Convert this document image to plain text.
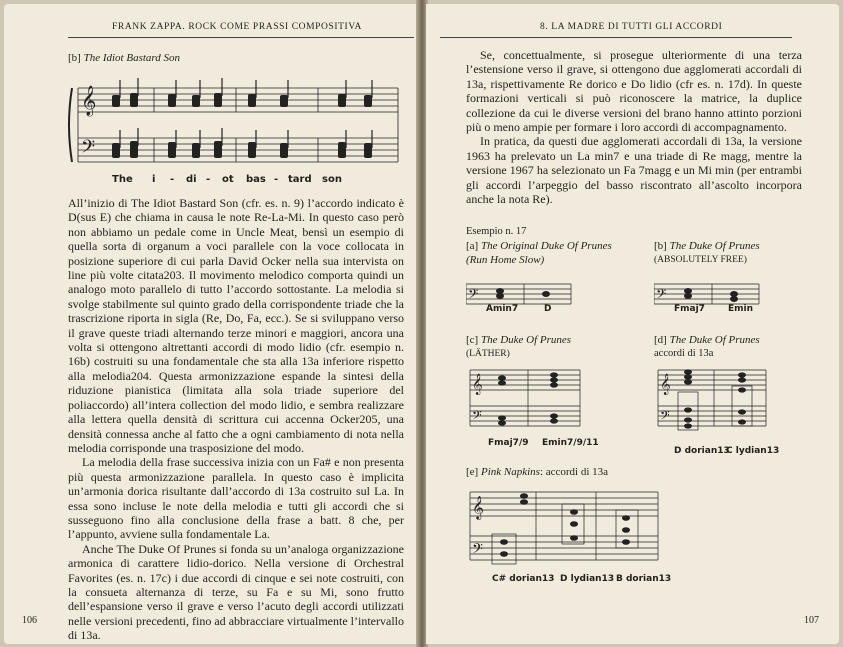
FRANK ZAPPA. ROCK COME PRASSI COMPOSITIVA
[b] The Idiot Bastard Son
𝄞
𝄢
The i - di - ot bas - tard son

All’inizio di The Idiot Bastard Son (cfr. es. n. 9) l’accordo indicato è D(sus E) che chiama in causa le note Re-La-Mi. In questo caso però non abbiamo un pedale come in Uncle Meat, bensì un esempio di quella sorta di organum a voci parallele con la voce collocata in posizione superiore di cui parla David Ocker nella sua intervista on line più volte citata203. Il movimento melodico comporta quindi un analogo moto parallelo di tutto l’accordo sottostante. La melodia si svolge stabilmente sul quinto grado della corrispondente triade che la trascrizione riporta in sigla (Re, Do, Fa, ecc.). Se si sviluppano verso il grave queste triadi alternando terze minori e maggiori, ancora una volta si ottengono altrettanti accordi di modo lidio (cfr. esempio n. 16b) costruiti su una fondamentale che sta alla 13a inferiore rispetto alla melodia204. Questa armonizzazione espande la sintesi della riduzione pianistica (limitata alla sola triade superiore del poliaccordo) all’intera collection del modo lidio, e sembra realizzare alla lettera quella densità di scrittura cui accenna Ocker205, una densità connessa anche al fatto che a ogni cambiamento di nota nella melodia corrisponde una trasposizione del modo.

La melodia della frase successiva inizia con un Fa# e non presenta più questa armonizzazione parallela. In questo caso è implicita un’armonia dorica risultante dall’accordo di 13a costruito sul La. In essa sono incluse le note della melodia e tutti gli accordi che si susseguono fino alla conclusione della frase a batt. 8 che, per l’appunto, avviene sulla fondamentale La.

Anche The Duke Of Prunes si fonda su un’analoga organizzazione armonica di carattere lidio-dorico. Nella versione di Orchestral Favorites (es. n. 17c) i due accordi di cinque e sei note costruiti, con la consueta alternanza di terze, su Fa e su Mi, sono frutto dell’espansione verso il grave e verso l’acuto degli accordi utilizzati nelle versioni precedenti, fino ad abbracciare virtualmente l’intervallo di 13a.

106
8. LA MADRE DI TUTTI GLI ACCORDI

Se, concettualmente, si prosegue ulteriormente di una terza l’estensione verso il grave, si ottengono due agglomerati accordali di 13a, rispettivamente Re dorico e Do lidio (cfr es. n. 17d). In queste formazioni verticali si può riconoscere la matrice, la duplice collezione da cui le diverse versioni del brano hanno attinto porzioni più o meno ampie per formare i loro accordi di accompagnamento.

In pratica, da questi due agglomerati accordali di 13a, la versione 1963 ha prelevato un La min7 e una triade di Re magg, mentre la versione 1967 ha selezionato un Fa 7magg e un Mi min (per entrambi gli accordi l’arpeggio del basso riscontrato all’ascolto incorpora anche la nota Re).

Esempio n. 17
[a] The Original Duke Of Prunes
(Run Home Slow)
𝄢
Amin7	D
[b] The Duke Of Prunes
(ABSOLUTELY FREE)
𝄢
Fmaj7	Emin
[c] The Duke Of Prunes
(LÄTHER)
𝄞
𝄢
Fmaj7/9 Emin7/9/11
[d] The Duke Of Prunes
accordi di 13a
𝄞
𝄢
D dorian13
C lydian13
[e] Pink Napkins: accordi di 13a
𝄞
𝄢
C# dorian13 D lydian13 B dorian13
107
